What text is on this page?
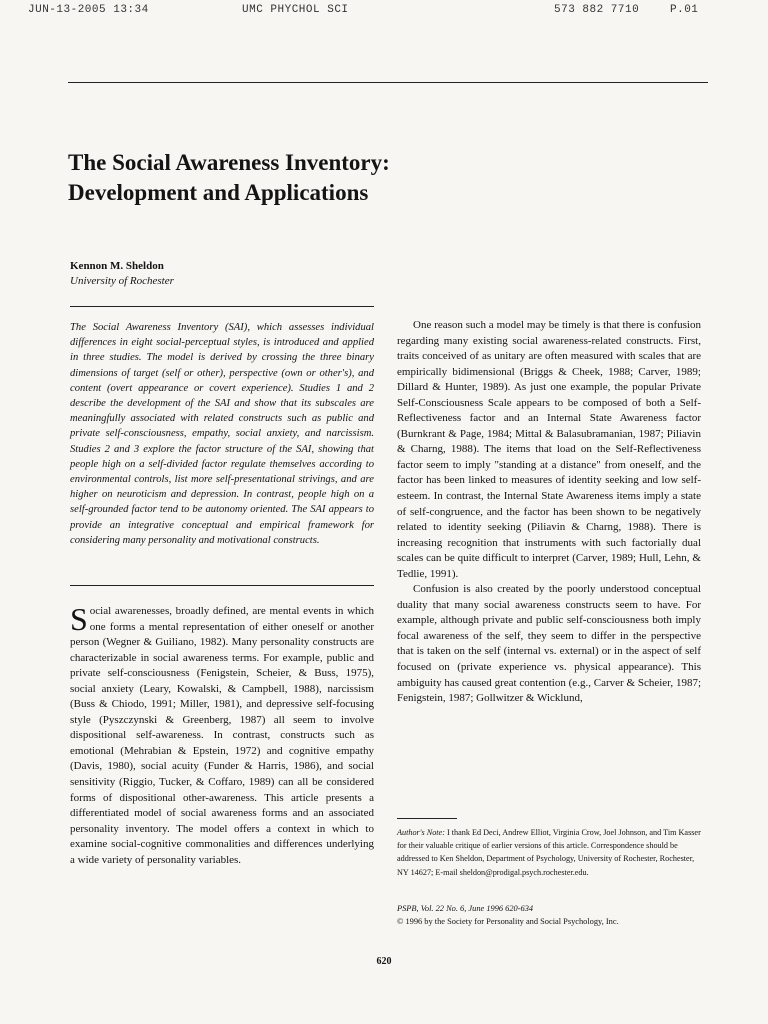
JUN-13-2005 13:34	UMC PHYCHOL SCI	573 882 7710	P.01
The Social Awareness Inventory:
Development and Applications
Kennon M. Sheldon
University of Rochester

The Social Awareness Inventory (SAI), which assesses individual differences in eight social-perceptual styles, is introduced and applied in three studies. The model is derived by crossing the three binary dimensions of target (self or other), perspective (own or other's), and content (overt appearance or covert experience). Studies 1 and 2 describe the development of the SAI and show that its subscales are meaningfully associated with related constructs such as public and private self-consciousness, empathy, social anxiety, and narcissism. Studies 2 and 3 explore the factor structure of the SAI, showing that people high on a self-divided factor regulate themselves according to environmental controls, list more self-presentational strivings, and are higher on neuroticism and depression. In contrast, people high on a self-grounded factor tend to be autonomy oriented. The SAI appears to provide an integrative conceptual and empirical framework for considering many personality and motivational constructs.

Social awarenesses, broadly defined, are mental events in which one forms a mental representation of either oneself or another person (Wegner & Guiliano, 1982). Many personality constructs are characterizable in social awareness terms. For example, public and private self-consciousness (Fenigstein, Scheier, & Buss, 1975), social anxiety (Leary, Kowalski, & Campbell, 1988), narcissism (Buss & Chiodo, 1991; Miller, 1981), and depressive self-focusing style (Pyszczynski & Greenberg, 1987) all seem to involve dispositional self-awareness. In contrast, constructs such as emotional (Mehrabian & Epstein, 1972) and cognitive empathy (Davis, 1980), social acuity (Funder & Harris, 1986), and social sensitivity (Riggio, Tucker, & Coffaro, 1989) can all be considered forms of dispositional other-awareness. This article presents a differentiated model of social awareness forms and an associated personality inventory. The model offers a context in which to examine social-cognitive commonalities and differences underlying a wide variety of personality variables.

One reason such a model may be timely is that there is confusion regarding many existing social awareness-related constructs. First, traits conceived of as unitary are often measured with scales that are empirically bidimensional (Briggs & Cheek, 1988; Carver, 1989; Dillard & Hunter, 1989). As just one example, the popular Private Self-Consciousness Scale appears to be composed of both a Self-Reflectiveness factor and an Internal State Awareness factor (Burnkrant & Page, 1984; Mittal & Balasubramanian, 1987; Piliavin & Charng, 1988). The items that load on the Self-Reflectiveness factor seem to imply "standing at a distance" from oneself, and the factor has been linked to measures of identity seeking and low self-esteem. In contrast, the Internal State Awareness items imply a state of self-congruence, and the factor has been shown to be negatively related to identity seeking (Piliavin & Charng, 1988). There is increasing recognition that instruments with such factorially dual scales can be quite difficult to interpret (Carver, 1989; Hull, Lehn, & Tedlie, 1991).

Confusion is also created by the poorly understood conceptual duality that many social awareness constructs seem to have. For example, although private and public self-consciousness both imply focal awareness of the self, they seem to differ in the perspective that is taken on the self (internal vs. external) or in the aspect of self focused on (private experience vs. physical appearance). This ambiguity has caused great contention (e.g., Carver & Scheier, 1987; Fenigstein, 1987; Gollwitzer & Wicklund,

Author's Note: I thank Ed Deci, Andrew Elliot, Virginia Crow, Joel Johnson, and Tim Kasser for their valuable critique of earlier versions of this article. Correspondence should be addressed to Ken Sheldon, Department of Psychology, University of Rochester, Rochester, NY 14627; E-mail sheldon@prodigal.psych.rochester.edu.

PSPB, Vol. 22 No. 6, June 1996 620-634
© 1996 by the Society for Personality and Social Psychology, Inc.
620
